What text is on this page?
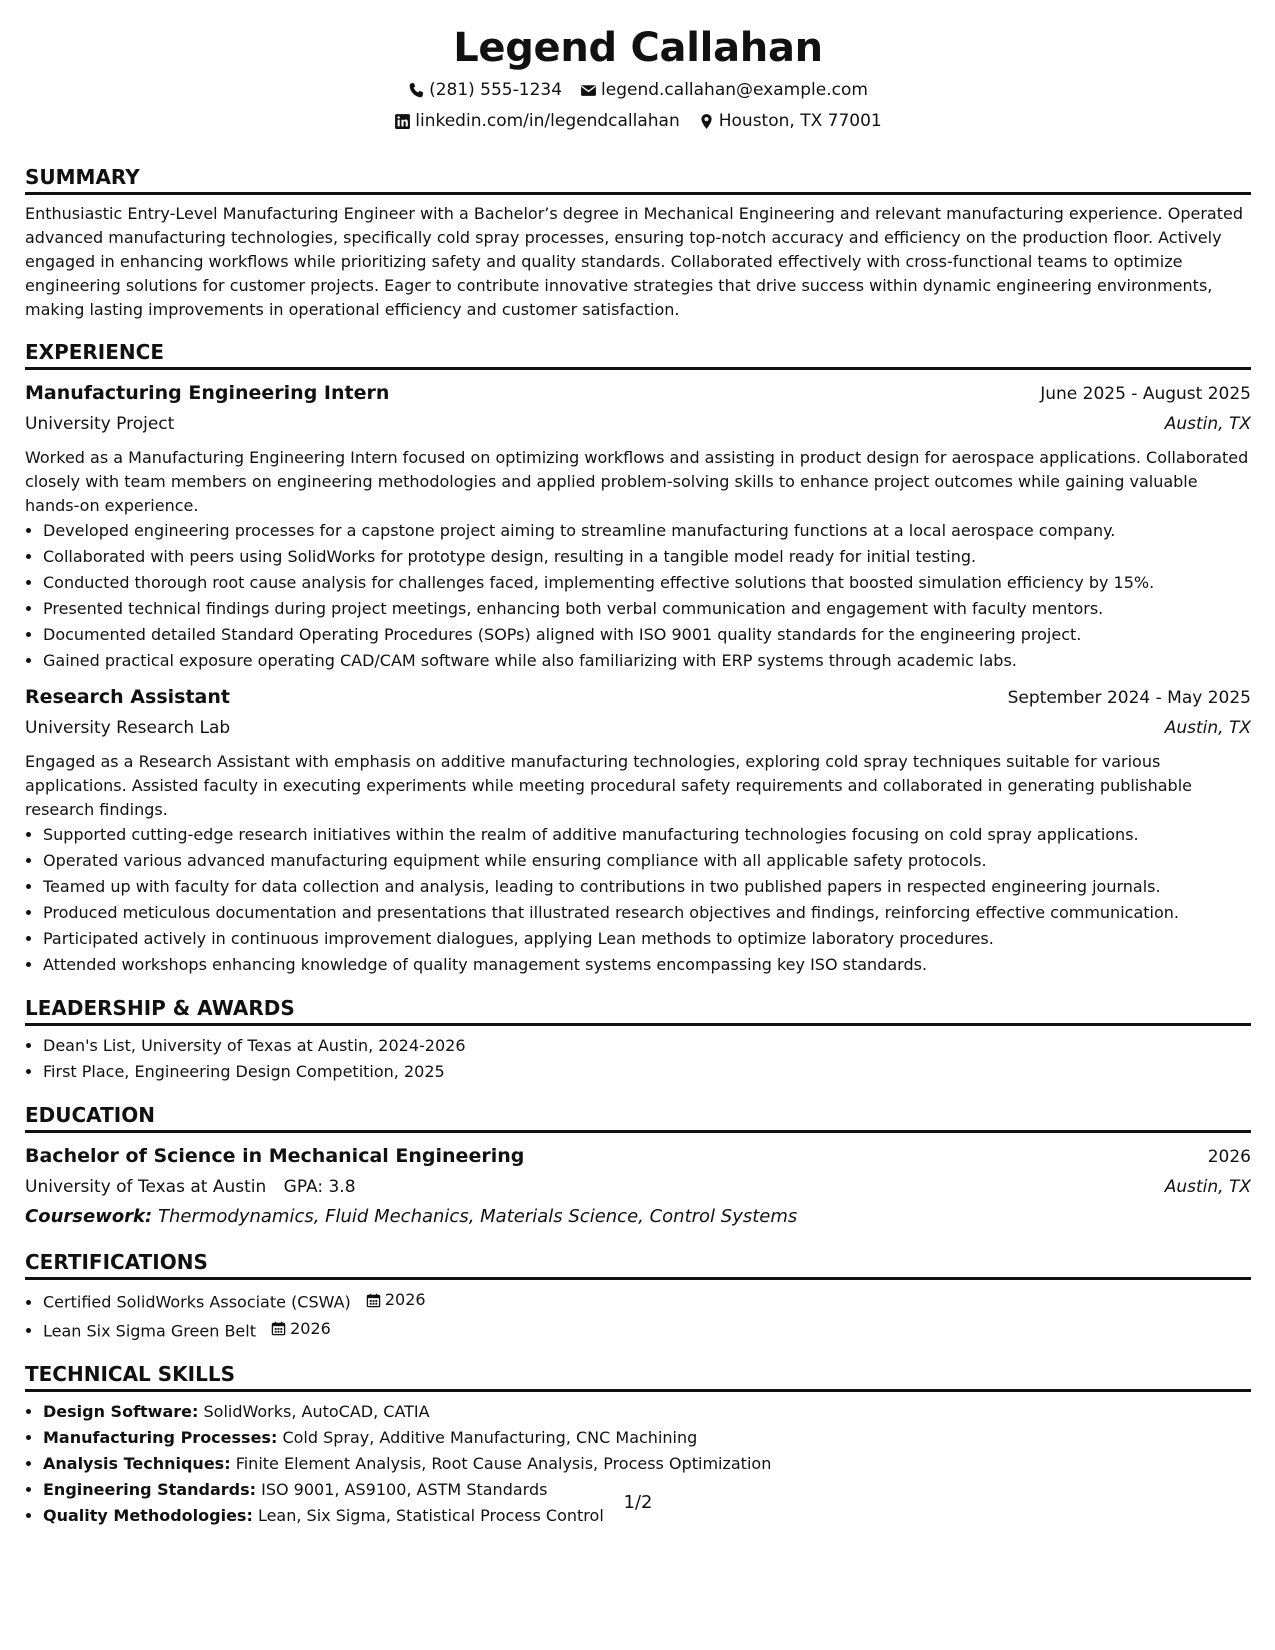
Legend Callahan
(281) 555-1234 legend.callahan@example.com
linkedin.com/in/legendcallahan Houston, TX 77001
SUMMARY

Enthusiastic Entry-Level Manufacturing Engineer with a Bachelor’s degree in Mechanical Engineering and relevant manufacturing experience. Operated advanced manufacturing technologies, specifically cold spray processes, ensuring top-notch accuracy and efficiency on the production floor. Actively engaged in enhancing workflows while prioritizing safety and quality standards. Collaborated effectively with cross-functional teams to optimize engineering solutions for customer projects. Eager to contribute innovative strategies that drive success within dynamic engineering environments, making lasting improvements in operational efficiency and customer satisfaction.

EXPERIENCE
Manufacturing Engineering Intern	June 2025 - August 2025
University Project	Austin, TX

Worked as a Manufacturing Engineering Intern focused on optimizing workflows and assisting in product design for aerospace applications. Collaborated closely with team members on engineering methodologies and applied problem-solving skills to enhance project outcomes while gaining valuable hands-on experience.

• Developed engineering processes for a capstone project aiming to streamline manufacturing functions at a local aerospace company.
• Collaborated with peers using SolidWorks for prototype design, resulting in a tangible model ready for initial testing.
• Conducted thorough root cause analysis for challenges faced, implementing effective solutions that boosted simulation efficiency by 15%.
• Presented technical findings during project meetings, enhancing both verbal communication and engagement with faculty mentors.
• Documented detailed Standard Operating Procedures (SOPs) aligned with ISO 9001 quality standards for the engineering project.
• Gained practical exposure operating CAD/CAM software while also familiarizing with ERP systems through academic labs.
Research Assistant	September 2024 - May 2025
University Research Lab	Austin, TX

Engaged as a Research Assistant with emphasis on additive manufacturing technologies, exploring cold spray techniques suitable for various applications. Assisted faculty in executing experiments while meeting procedural safety requirements and collaborated in generating publishable research findings.

• Supported cutting-edge research initiatives within the realm of additive manufacturing technologies focusing on cold spray applications.
• Operated various advanced manufacturing equipment while ensuring compliance with all applicable safety protocols.
• Teamed up with faculty for data collection and analysis, leading to contributions in two published papers in respected engineering journals.
• Produced meticulous documentation and presentations that illustrated research objectives and findings, reinforcing effective communication.
• Participated actively in continuous improvement dialogues, applying Lean methods to optimize laboratory procedures.
• Attended workshops enhancing knowledge of quality management systems encompassing key ISO standards.
LEADERSHIP & AWARDS
• Dean's List, University of Texas at Austin, 2024-2026
• First Place, Engineering Design Competition, 2025
EDUCATION
Bachelor of Science in Mechanical Engineering	2026
University of Texas at Austin GPA: 3.8	Austin, TX
Coursework: Thermodynamics, Fluid Mechanics, Materials Science, Control Systems
CERTIFICATIONS
• Certified SolidWorks Associate (CSWA) 2026
• Lean Six Sigma Green Belt 2026
TECHNICAL SKILLS
• Design Software: SolidWorks, AutoCAD, CATIA
• Manufacturing Processes: Cold Spray, Additive Manufacturing, CNC Machining
• Analysis Techniques: Finite Element Analysis, Root Cause Analysis, Process Optimization
• Engineering Standards: ISO 9001, AS9100, ASTM Standards
• Quality Methodologies: Lean, Six Sigma, Statistical Process Control
1/2
